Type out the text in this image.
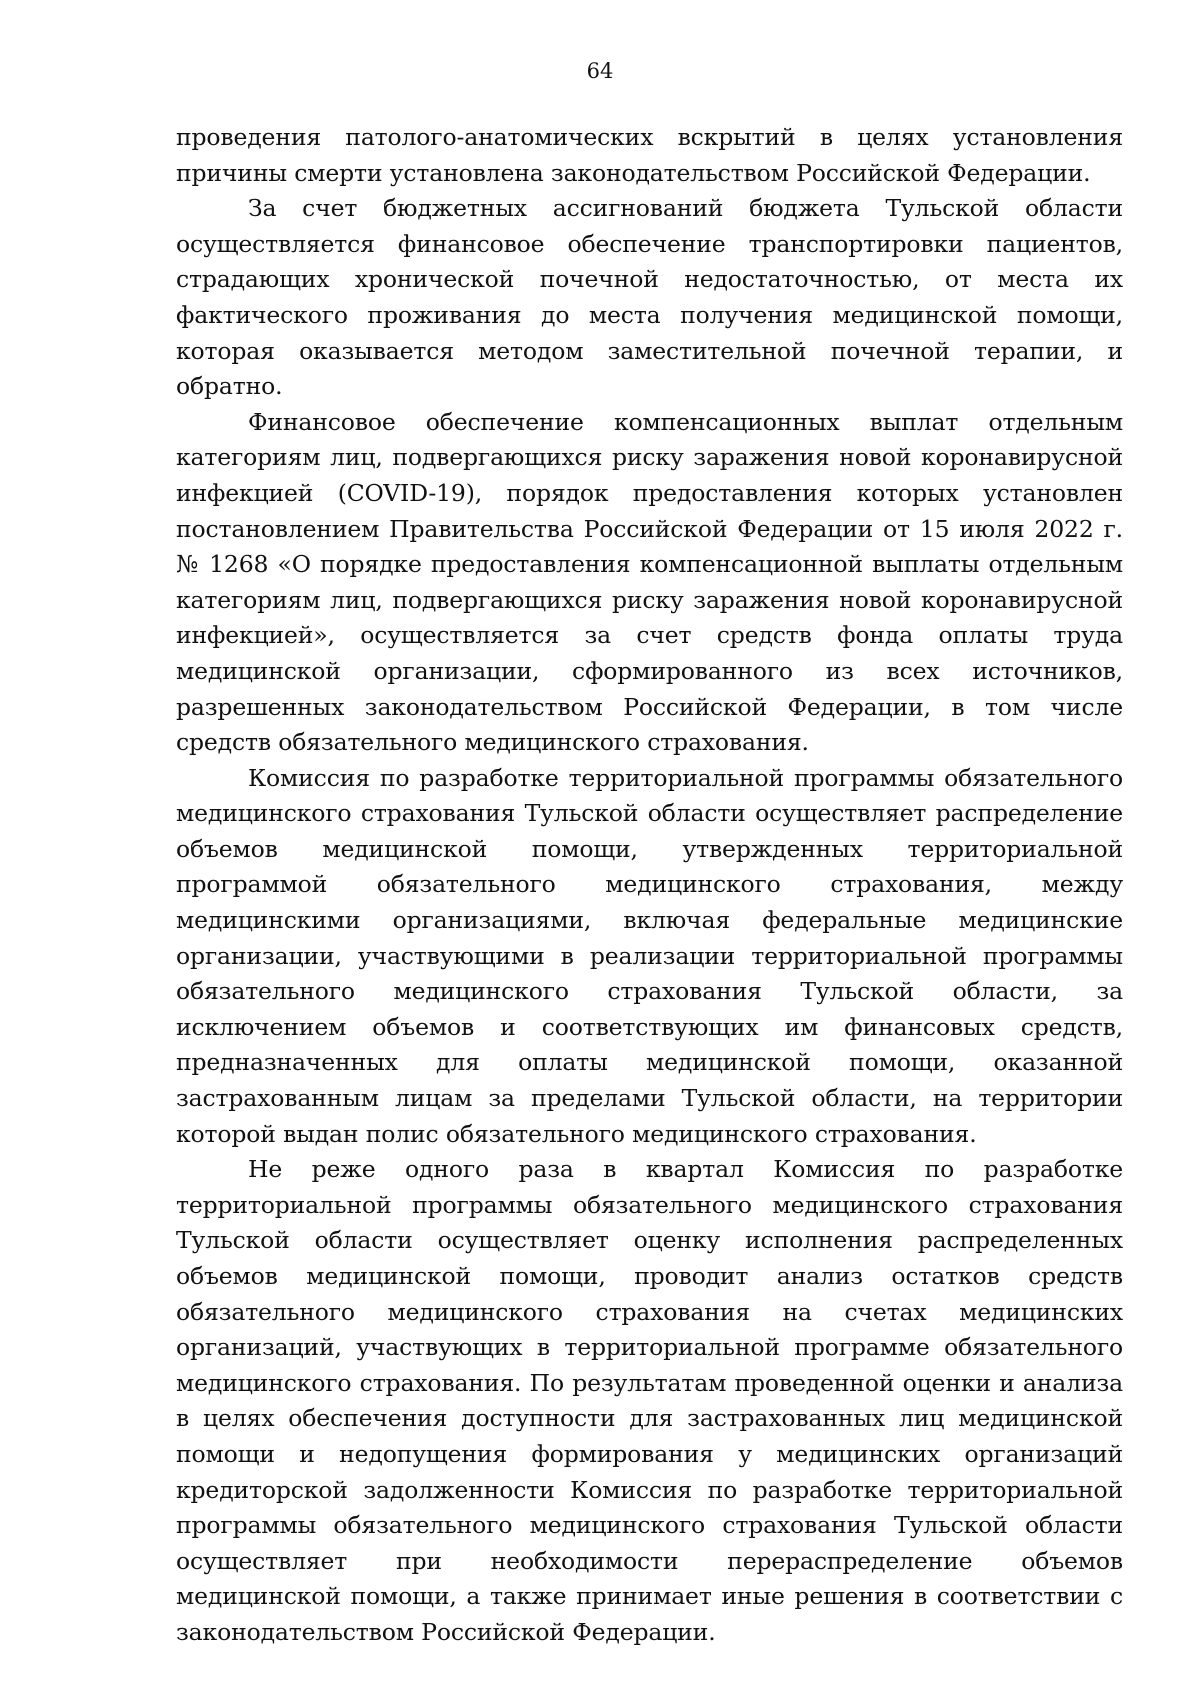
64

проведения патолого-анатомических вскрытий в целях установления причины смерти установлена законодательством Российской Федерации.

За счет бюджетных ассигнований бюджета Тульской области осуществляется финансовое обеспечение транспортировки пациентов, страдающих хронической почечной недостаточностью, от места их фактического проживания до места получения медицинской помощи, которая оказывается методом заместительной почечной терапии, и обратно.

Финансовое обеспечение компенсационных выплат отдельным категориям лиц, подвергающихся риску заражения новой коронавирусной инфекцией (COVID-19), порядок предоставления которых установлен постановлением Правительства Российской Федерации от 15 июля 2022 г. № 1268 «О порядке предоставления компенсационной выплаты отдельным категориям лиц, подвергающихся риску заражения новой коронавирусной инфекцией», осуществляется за счет средств фонда оплаты труда медицинской организации, сформированного из всех источников, разрешенных законодательством Российской Федерации, в том числе средств обязательного медицинского страхования.

Комиссия по разработке территориальной программы обязательного медицинского страхования Тульской области осуществляет распределение объемов медицинской помощи, утвержденных территориальной программой обязательного медицинского страхования, между медицинскими организациями, включая федеральные медицинские организации, участвующими в реализации территориальной программы обязательного медицинского страхования Тульской области, за исключением объемов и соответствующих им финансовых средств, предназначенных для оплаты медицинской помощи, оказанной застрахованным лицам за пределами Тульской области, на территории которой выдан полис обязательного медицинского страхования.

Не реже одного раза в квартал Комиссия по разработке территориальной программы обязательного медицинского страхования Тульской области осуществляет оценку исполнения распределенных объемов медицинской помощи, проводит анализ остатков средств обязательного медицинского страхования на счетах медицинских организаций, участвующих в территориальной программе обязательного медицинского страхования. По результатам проведенной оценки и анализа в целях обеспечения доступности для застрахованных лиц медицинской помощи и недопущения формирования у медицинских организаций кредиторской задолженности Комиссия по разработке территориальной программы обязательного медицинского страхования Тульской области осуществляет при необходимости перераспределение объемов медицинской помощи, а также принимает иные решения в соответствии с законодательством Российской Федерации.
